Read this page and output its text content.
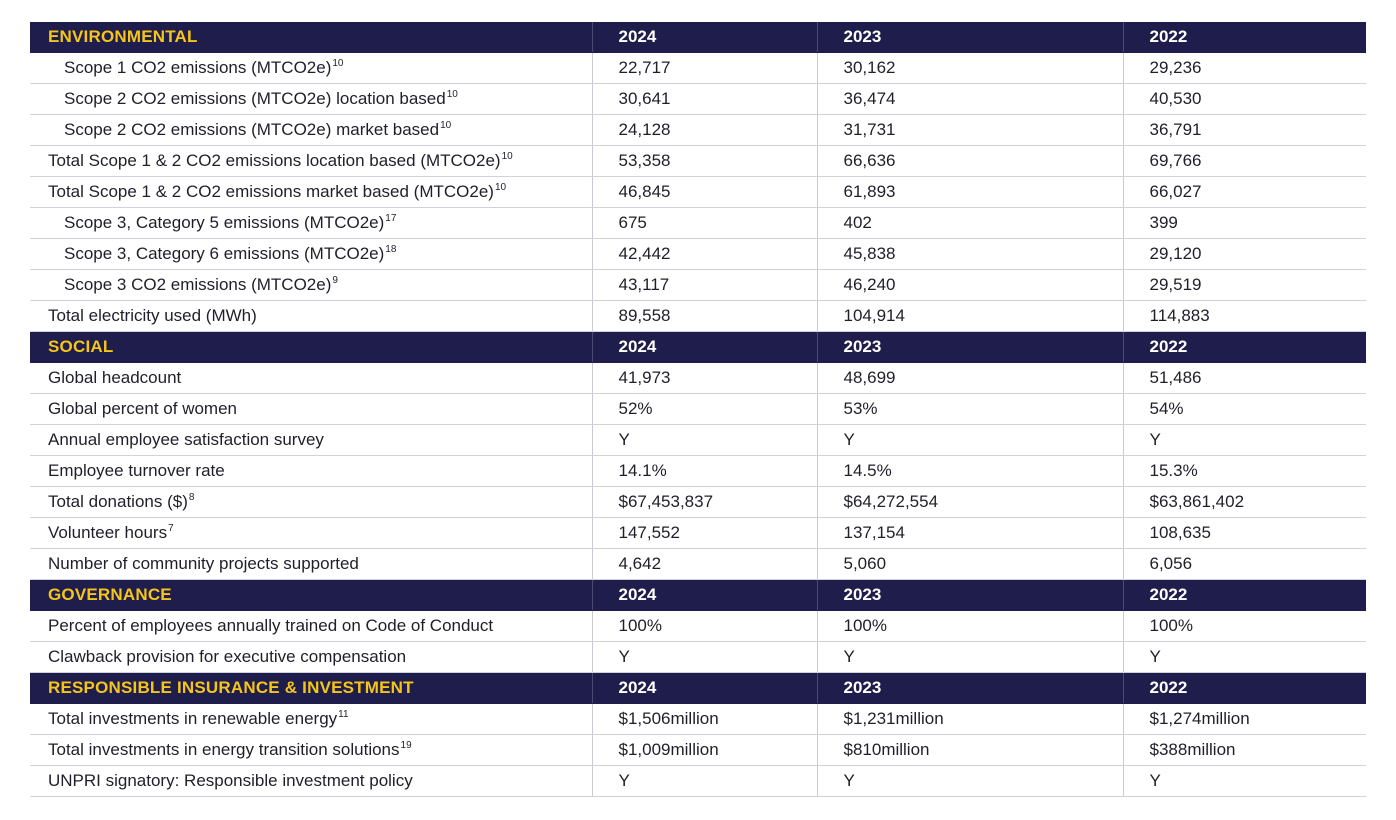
ENVIRONMENTAL	2024	2023	2022
Scope 1 CO2 emissions (MTCO2e)$^{10}$	22,717	30,162	29,236
Scope 2 CO2 emissions (MTCO2e) location based$^{10}$	30,641	36,474	40,530
Scope 2 CO2 emissions (MTCO2e) market based$^{10}$	24,128	31,731	36,791
Total Scope 1 & 2 CO2 emissions location based (MTCO2e)$^{10}$	53,358	66,636	69,766
Total Scope 1 & 2 CO2 emissions market based (MTCO2e)$^{10}$	46,845	61,893	66,027
Scope 3, Category 5 emissions (MTCO2e)$^{17}$	675	402	399
Scope 3, Category 6 emissions (MTCO2e)$^{18}$	42,442	45,838	29,120
Scope 3 CO2 emissions (MTCO2e)$^9$	43,117	46,240	29,519
Total electricity used (MWh)	89,558	104,914	114,883
SOCIAL	2024	2023	2022
Global headcount	41,973	48,699	51,486
Global percent of women	52%	53%	54%
Annual employee satisfaction survey	Y	Y	Y
Employee turnover rate	14.1%	14.5%	15.3%
Total donations ($)$^8$	$67,453,837	$64,272,554	$63,861,402
Volunteer hours$^7$	147,552	137,154	108,635
Number of community projects supported	4,642	5,060	6,056
GOVERNANCE	2024	2023	2022
Percent of employees annually trained on Code of Conduct	100%	100%	100%
Clawback provision for executive compensation	Y	Y	Y
RESPONSIBLE INSURANCE & INVESTMENT	2024	2023	2022
Total investments in renewable energy$^{11}$	$1,506million	$1,231million	$1,274million
Total investments in energy transition solutions$^{19}$	$1,009million	$810million	$388million
UNPRI signatory: Responsible investment policy	Y	Y	Y
